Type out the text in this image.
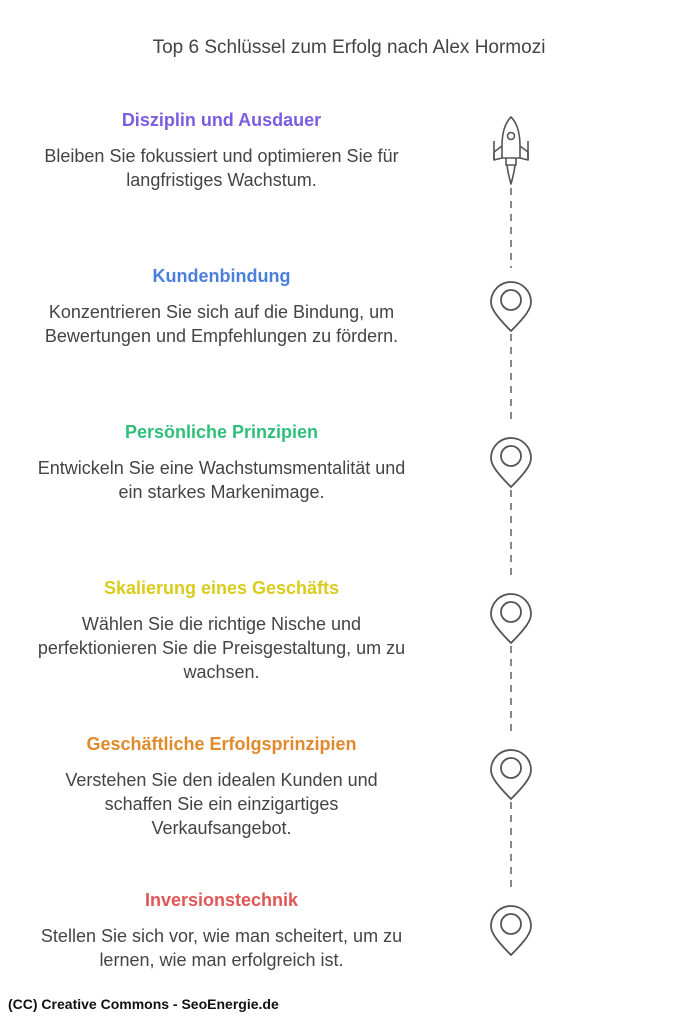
Top 6 Schlüssel zum Erfolg nach Alex Hormozi

Disziplin und Ausdauer

Bleiben Sie fokussiert und optimieren Sie für langfristiges Wachstum.

Kundenbindung

Konzentrieren Sie sich auf die Bindung, um Bewertungen und Empfehlungen zu fördern.

Persönliche Prinzipien

Entwickeln Sie eine Wachstumsmentalität und ein starkes Markenimage.

Skalierung eines Geschäfts

Wählen Sie die richtige Nische und perfektionieren Sie die Preisgestaltung, um zu wachsen.

Geschäftliche Erfolgsprinzipien

Verstehen Sie den idealen Kunden und schaffen Sie ein einzigartiges Verkaufsangebot.

Inversionstechnik

Stellen Sie sich vor, wie man scheitert, um zu lernen, wie man erfolgreich ist.

(CC) Creative Commons - SeoEnergie.de
